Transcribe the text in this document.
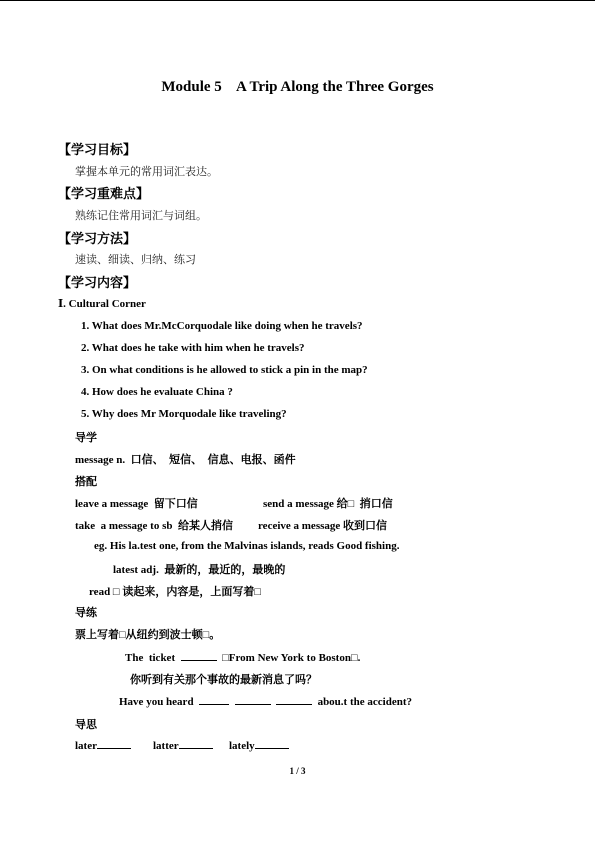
Module 5    A Trip Along the Three Gorges
【学习目标】
掌握本单元的常用词汇表达。
【学习重难点】
熟练记住常用词汇与词组。
【学习方法】
速读、细读、归纳、练习
【学习内容】
Ⅰ. Cultural Corner
1. What does Mr.McCorquodale like doing when he travels?
2. What does he take with him when he travels?
3. On what conditions is he allowed to stick a pin in the map?
4. How does he evaluate China ?
5. Why does Mr Morquodale like traveling?
导学
message n.  口信、  短信、  信息、电报、函件
搭配
leave a message  留下口信	send a message 给□  捎口信
take  a message to sb  给某人捎信 receive a message 收到口信
eg. His la.test one, from the Malvinas islands, reads Good fishing.
latest adj.  最新的，最近的，最晚的
read □ 读起来，内容是，上面写着□
导练
票上写着□从纽约到波士顿□。
The  ticket	□From New York to Boston□.
你听到有关那个事故的最新消息了吗？
Have you heard	abou.t the accident?
导思
later	latter	lately
1 / 3
